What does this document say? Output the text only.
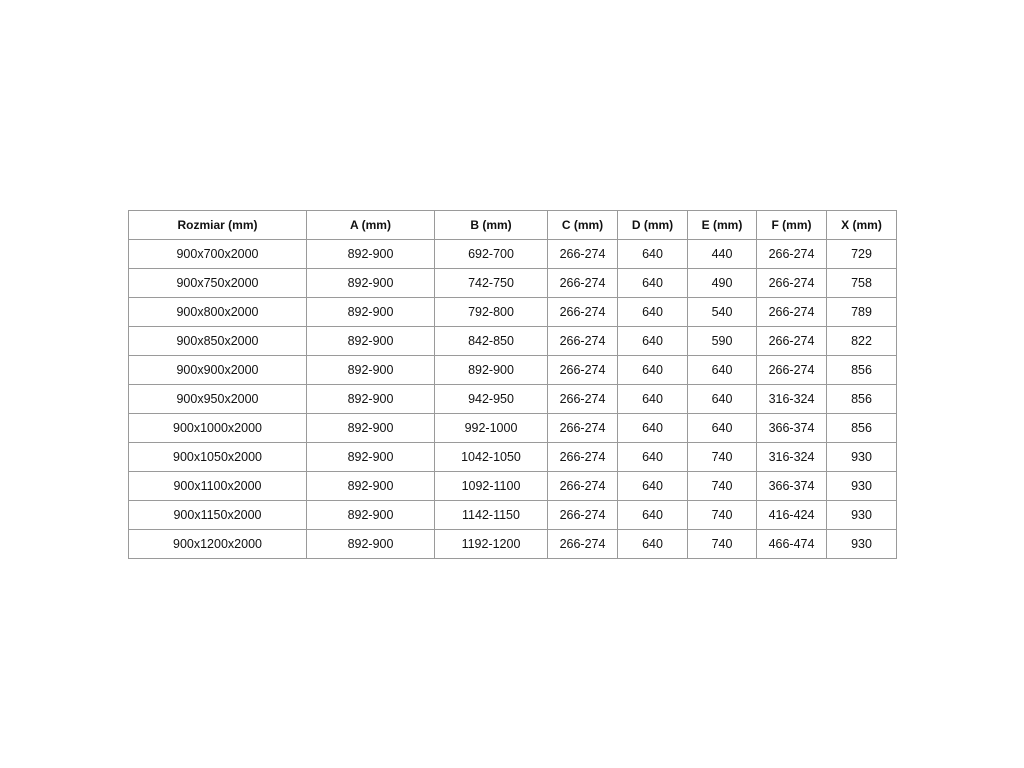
Rozmiar (mm)	A (mm)	B (mm)	C (mm)	D (mm)	E (mm)	F (mm)	X (mm)
900x700x2000	892-900	692-700	266-274	640	440	266-274	729
900x750x2000	892-900	742-750	266-274	640	490	266-274	758
900x800x2000	892-900	792-800	266-274	640	540	266-274	789
900x850x2000	892-900	842-850	266-274	640	590	266-274	822
900x900x2000	892-900	892-900	266-274	640	640	266-274	856
900x950x2000	892-900	942-950	266-274	640	640	316-324	856
900x1000x2000	892-900	992-1000	266-274	640	640	366-374	856
900x1050x2000	892-900	1042-1050	266-274	640	740	316-324	930
900x1100x2000	892-900	1092-1100	266-274	640	740	366-374	930
900x1150x2000	892-900	1142-1150	266-274	640	740	416-424	930
900x1200x2000	892-900	1192-1200	266-274	640	740	466-474	930
